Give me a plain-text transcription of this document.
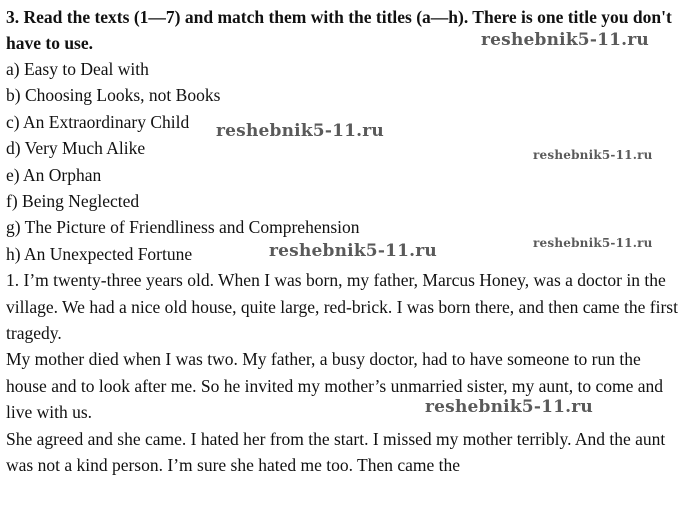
3. Read the texts (1—7) and match them with the titles (a—h). There is one title you don't have to use.

a) Easy to Deal with
b) Choosing Looks, not Books
c) An Extraordinary Child
d) Very Much Alike
e) An Orphan
f) Being Neglected
g) The Picture of Friendliness and Comprehension
h) An Unexpected Fortune

1. I’m twenty-three years old. When I was born, my father, Marcus Honey, was a doctor in the village. We had a nice old house, quite large, red-brick. I was born there, and then came the first tragedy.

My mother died when I was two. My father, a busy doctor, had to have someone to run the house and to look after me. So he invited my mother’s unmarried sister, my aunt, to come and live with us.

She agreed and she came. I hated her from the start. I missed my mother terribly. And the aunt was not a kind person. I’m sure she hated me too. Then came the

reshebnik5-11.ru
reshebnik5-11.ru
reshebnik5-11.ru
reshebnik5-11.ru	reshebnik5-11.ru
reshebnik5-11.ru
